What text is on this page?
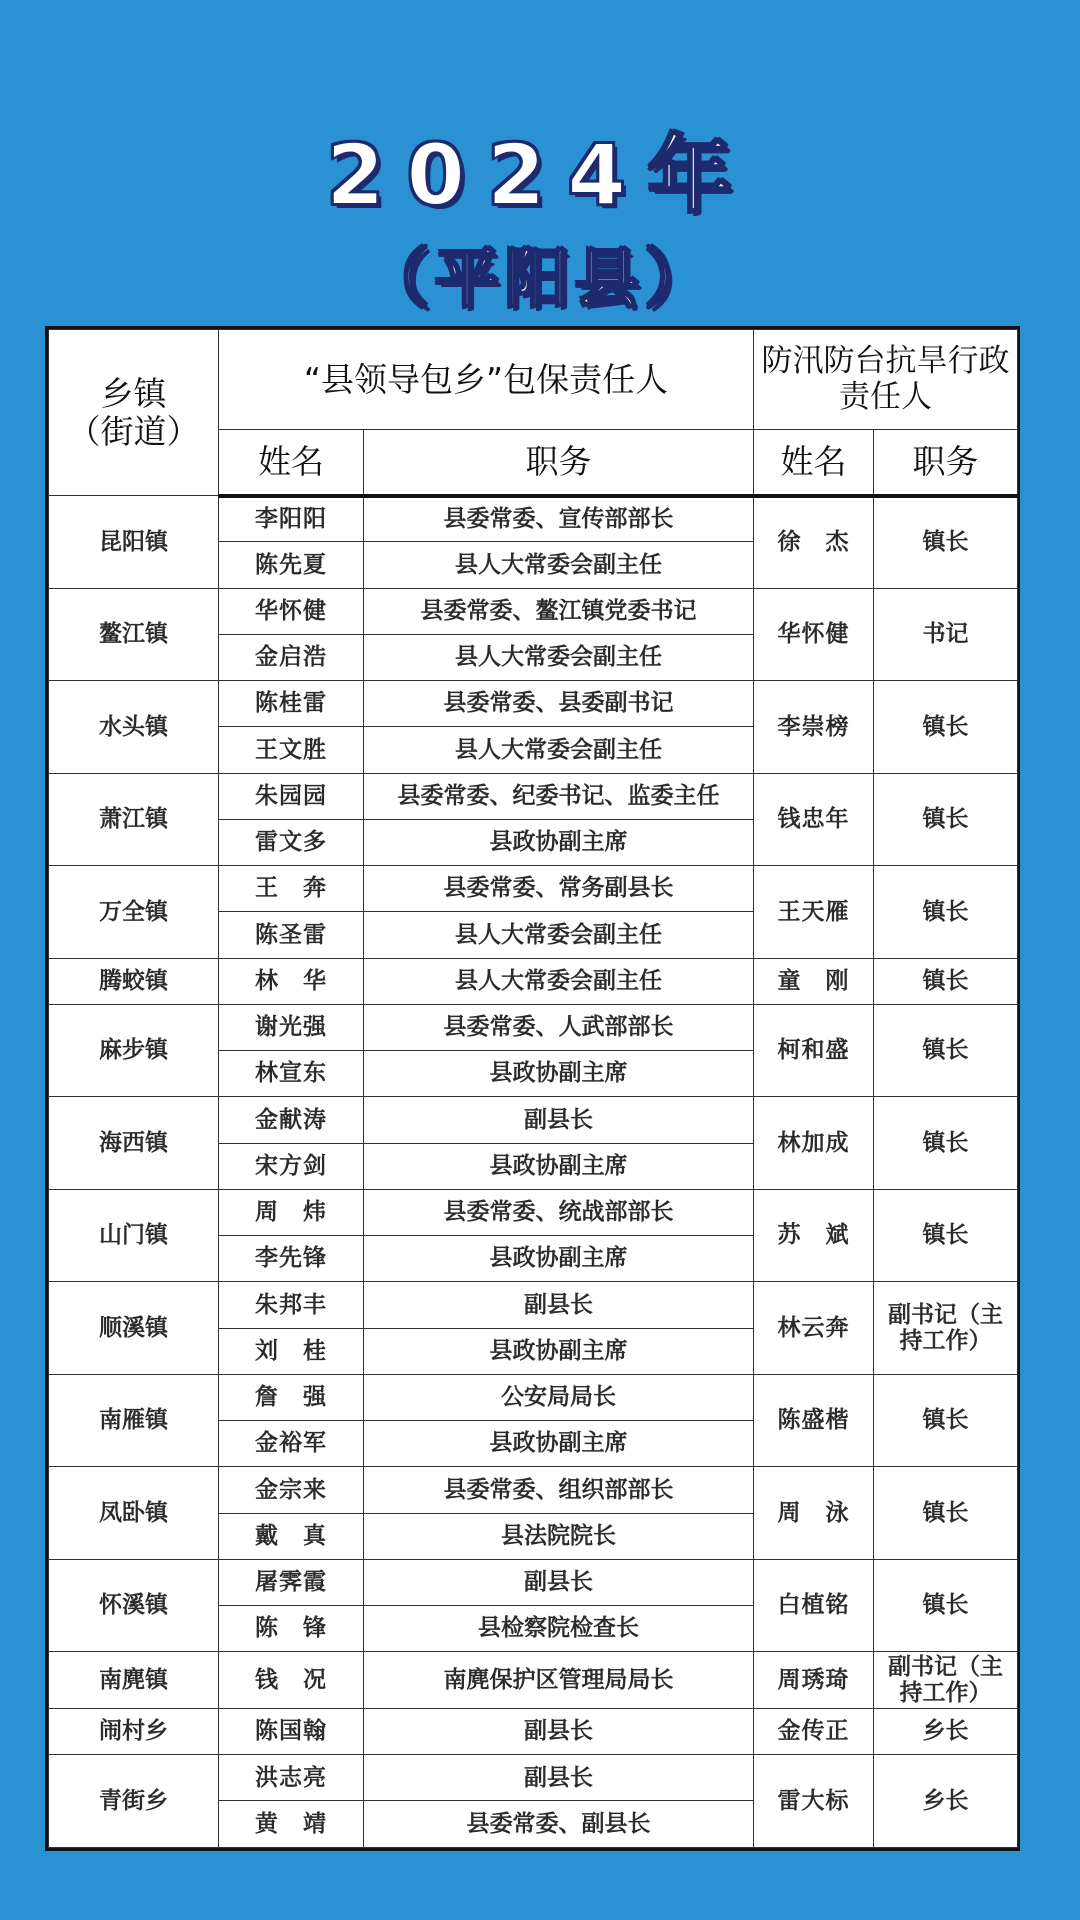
2024年
（平阳县）
乡镇
（街道）	“县领导包乡”包保责任人		防汛防台抗旱行政责任人	
	姓名	职务	姓名	职务
昆阳镇	李阳阳	县委常委、宣传部部长	徐　杰	镇长
	陈先夏	县人大常委会副主任		
鳌江镇	华怀健	县委常委、鳌江镇党委书记	华怀健	书记
	金启浩	县人大常委会副主任		
水头镇	陈桂雷	县委常委、县委副书记	李崇榜	镇长
	王文胜	县人大常委会副主任		
萧江镇	朱园园	县委常委、纪委书记、监委主任	钱忠年	镇长
	雷文多	县政协副主席		
万全镇	王　奔	县委常委、常务副县长	王天雁	镇长
	陈圣雷	县人大常委会副主任		
腾蛟镇	林　华	县人大常委会副主任	童　刚	镇长
麻步镇	谢光强	县委常委、人武部部长	柯和盛	镇长
	林宣东	县政协副主席		
海西镇	金献涛	副县长	林加成	镇长
	宋方剑	县政协副主席		
山门镇	周　炜	县委常委、统战部部长	苏　斌	镇长
	李先锋	县政协副主席		
顺溪镇	朱邦丰	副县长	林云奔	副书记（主持工作）
	刘　桂	县政协副主席		
南雁镇	詹　强	公安局局长	陈盛楷	镇长
	金裕军	县政协副主席		
凤卧镇	金宗来	县委常委、组织部部长	周　泳	镇长
	戴　真	县法院院长		
怀溪镇	屠霁霞	副县长	白植铭	镇长
	陈　锋	县检察院检查长		
南麂镇	钱　况	南麂保护区管理局局长	周琇琦	副书记（主持工作）
闹村乡	陈国翰	副县长	金传正	乡长
青街乡	洪志亮	副县长	雷大标	乡长
	黄　靖	县委常委、副县长		
